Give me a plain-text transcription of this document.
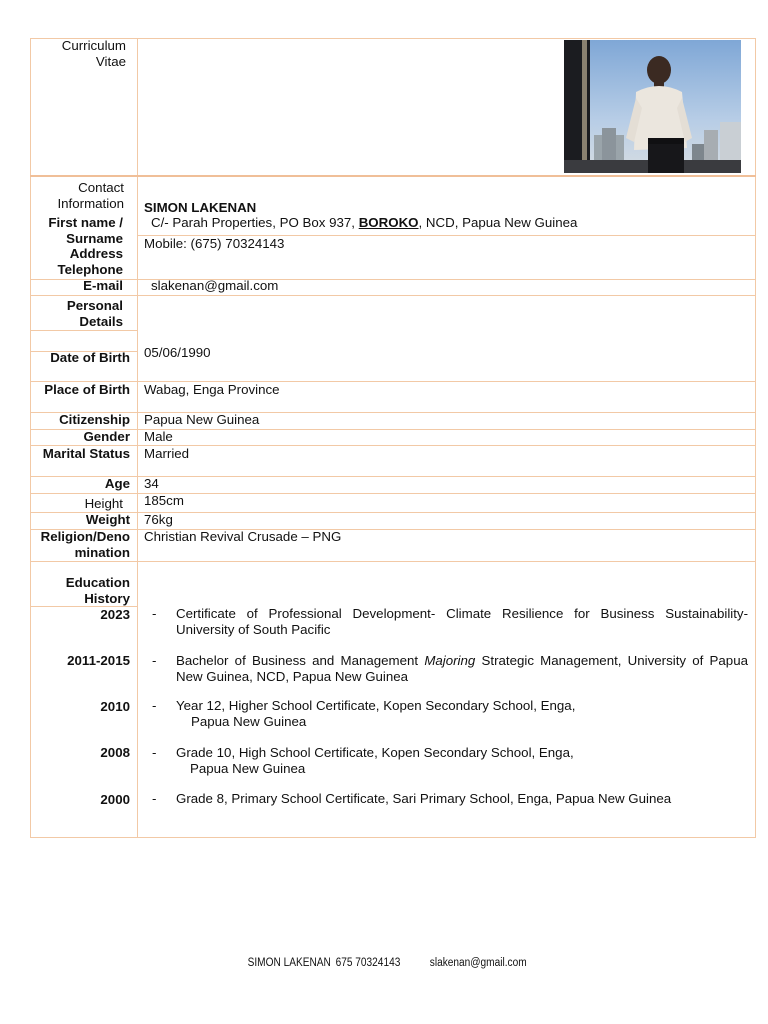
Curriculum Vitae
Contact Information
First name / Surname
Address
Telephone
E-mail
SIMON LAKENAN
C/- Parah Properties, PO Box 937, BOROKO, NCD, Papua New Guinea
Mobile: (675) 70324143
slakenan@gmail.com
Personal Details
Date of Birth 05/06/1990
Place of Birth Wabag, Enga Province
Citizenship Papua New Guinea
Gender Male
Marital Status Married
Age 34
Height 185cm
Weight 76kg
Religion/Denomination
Christian Revival Crusade – PNG
Education History
2023 - Certificate of Professional Development- Climate Resilience for Business Sustainability-University of South Pacific
2011-2015 - Bachelor of Business and Management Majoring Strategic Management, University of Papua New Guinea, NCD, Papua New Guinea
2010 - Year 12, Higher School Certificate, Kopen Secondary School, Enga,
Papua New Guinea
2008 - Grade 10, High School Certificate, Kopen Secondary School, Enga,
Papua New Guinea
2000 - Grade 8, Primary School Certificate, Sari Primary School, Enga, Papua New Guinea
SIMON LAKENAN 675 70324143	slakenan@gmail.com
